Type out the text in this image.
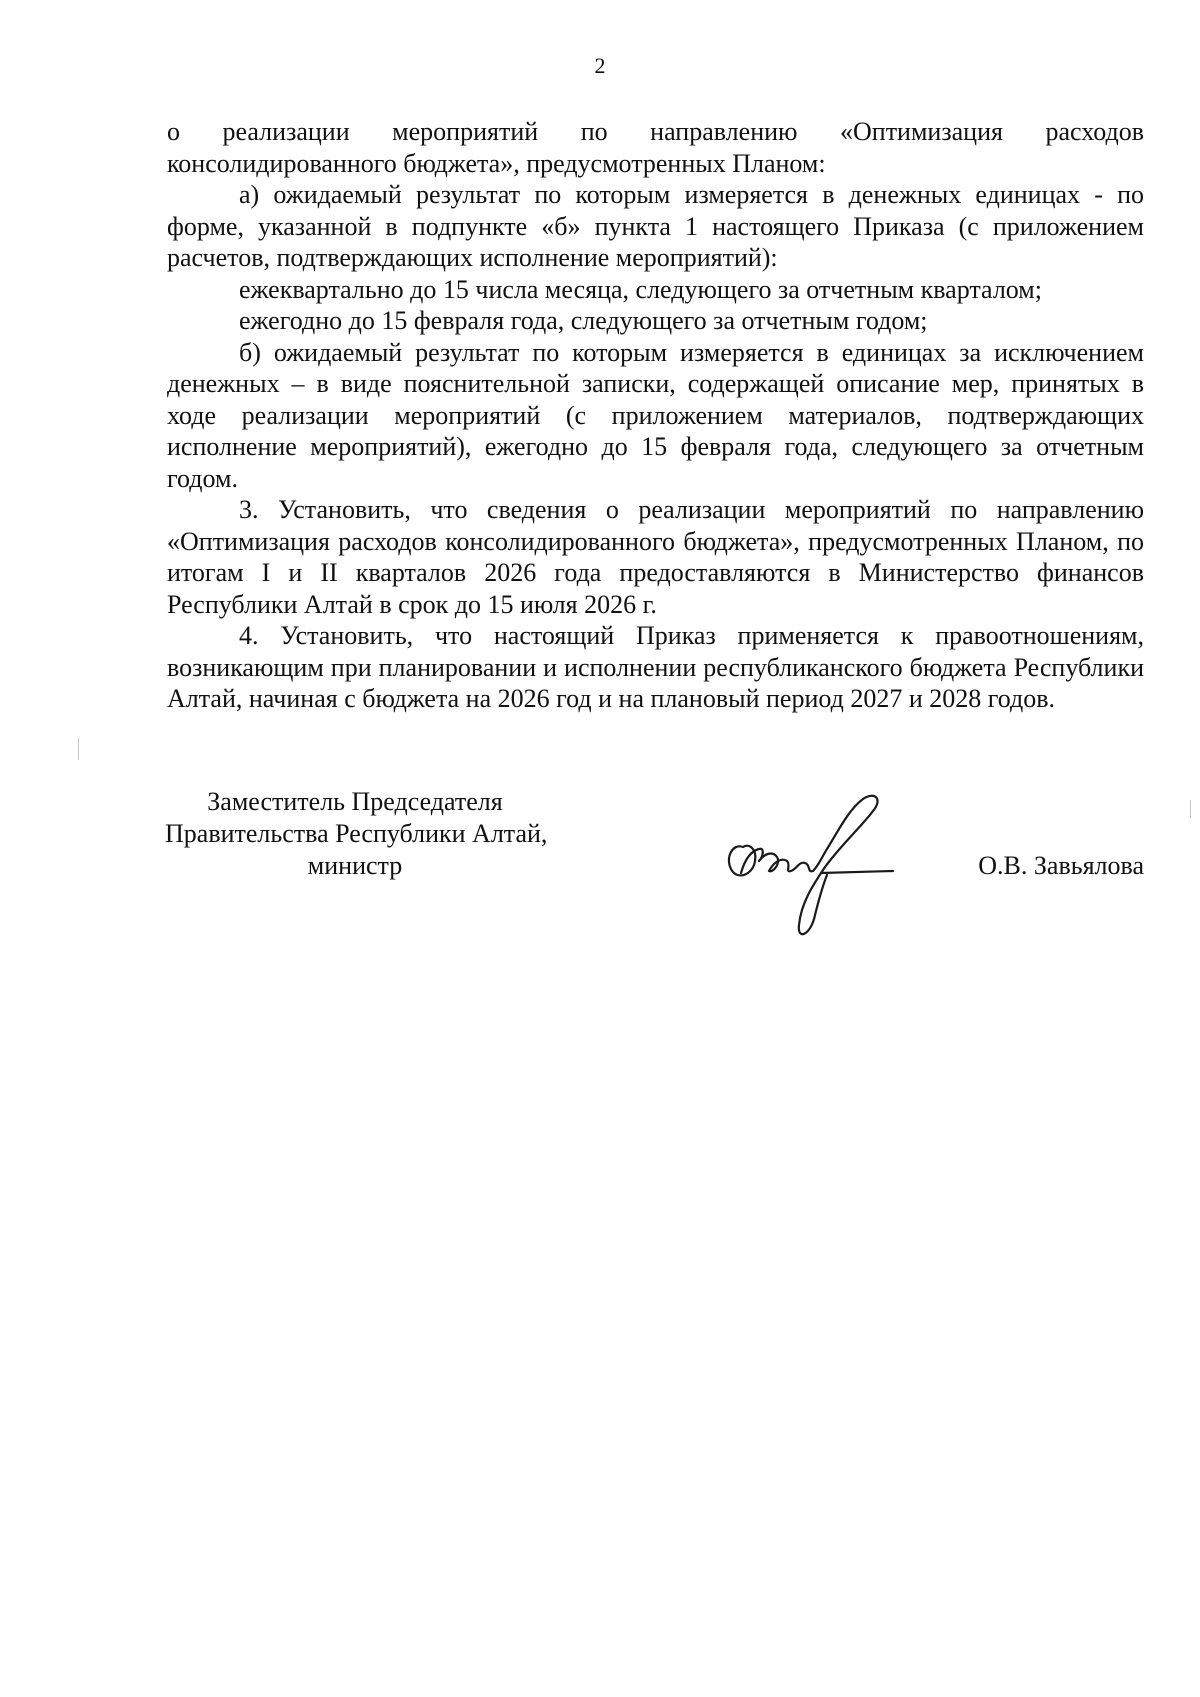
2

о реализации мероприятий по направлению «Оптимизация расходов

консолидированного бюджета», предусмотренных Планом:

а) ожидаемый результат по которым измеряется в денежных единицах - по форме, указанной в подпункте «б» пункта 1 настоящего Приказа (с приложением расчетов, подтверждающих исполнение мероприятий):

ежеквартально до 15 числа месяца, следующего за отчетным кварталом;

ежегодно до 15 февраля года, следующего за отчетным годом;

б) ожидаемый результат по которым измеряется в единицах за исключением денежных – в виде пояснительной записки, содержащей описание мер, принятых в ходе реализации мероприятий (с приложением материалов, подтверждающих исполнение мероприятий), ежегодно до 15 февраля года, следующего за отчетным годом.

3. Установить, что сведения о реализации мероприятий по направлению «Оптимизация расходов консолидированного бюджета», предусмотренных Планом, по итогам I и II кварталов 2026 года предоставляются в Министерство финансов Республики Алтай в срок до 15 июля 2026 г.

4. Установить, что настоящий Приказ применяется к правоотношениям, возникающим при планировании и исполнении республиканского бюджета Республики Алтай, начиная с бюджета на 2026 год и на плановый период 2027 и 2028 годов.

Заместитель Председателя
Правительства Республики Алтай,
министр	О.В. Завьялова
